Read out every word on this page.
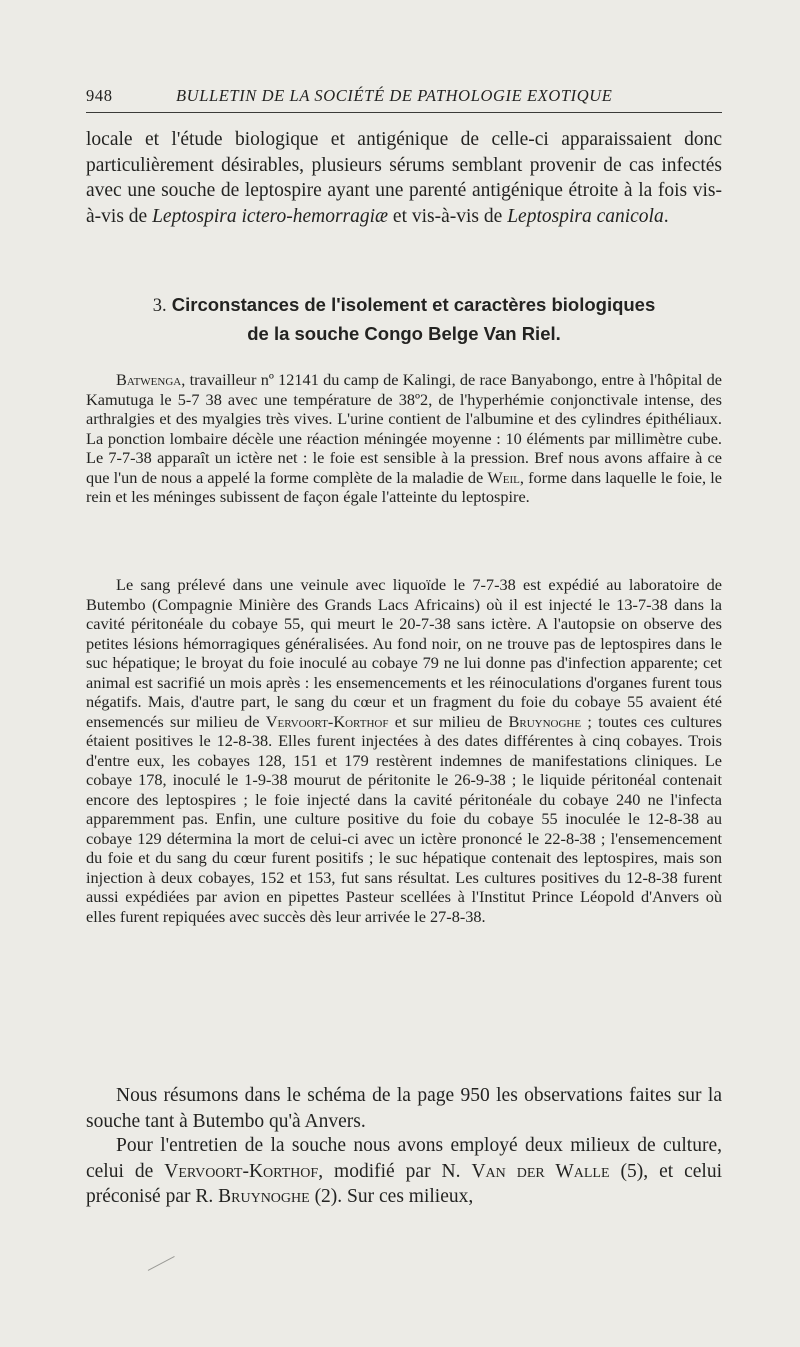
948	BULLETIN DE LA SOCIÉTÉ DE PATHOLOGIE EXOTIQUE

locale et l'étude biologique et antigénique de celle-ci apparaissaient donc particulièrement désirables, plusieurs sérums semblant provenir de cas infectés avec une souche de leptospire ayant une parenté antigénique étroite à la fois vis-à-vis de Leptospira ictero-hemorragiæ et vis-à-vis de Leptospira canicola.

3. Circonstances de l'isolement et caractères biologiques
de la souche Congo Belge Van Riel.

Batwenga, travailleur nº 12141 du camp de Kalingi, de race Banyabongo, entre à l'hôpital de Kamutuga le 5-7 38 avec une température de 38º2, de l'hyperhémie conjonctivale intense, des arthralgies et des myalgies très vives. L'urine contient de l'albumine et des cylindres épithéliaux. La ponction lombaire décèle une réaction méningée moyenne : 10 éléments par millimètre cube. Le 7-7-38 apparaît un ictère net : le foie est sensible à la pression. Bref nous avons affaire à ce que l'un de nous a appelé la forme complète de la maladie de Weil, forme dans laquelle le foie, le rein et les méninges subissent de façon égale l'atteinte du leptospire.

Le sang prélevé dans une veinule avec liquoïde le 7-7-38 est expédié au laboratoire de Butembo (Compagnie Minière des Grands Lacs Africains) où il est injecté le 13-7-38 dans la cavité péritonéale du cobaye 55, qui meurt le 20-7-38 sans ictère. A l'autopsie on observe des petites lésions hémorragiques généralisées. Au fond noir, on ne trouve pas de leptospires dans le suc hépatique; le broyat du foie inoculé au cobaye 79 ne lui donne pas d'infection apparente; cet animal est sacrifié un mois après : les ensemencements et les réinoculations d'organes furent tous négatifs. Mais, d'autre part, le sang du cœur et un fragment du foie du cobaye 55 avaient été ensemencés sur milieu de Vervoort-Korthof et sur milieu de Bruynoghe ; toutes ces cultures étaient positives le 12-8-38. Elles furent injectées à des dates différentes à cinq cobayes. Trois d'entre eux, les cobayes 128, 151 et 179 restèrent indemnes de manifestations cliniques. Le cobaye 178, inoculé le 1-9-38 mourut de péritonite le 26-9-38 ; le liquide péritonéal contenait encore des leptospires ; le foie injecté dans la cavité péritonéale du cobaye 240 ne l'infecta apparemment pas. Enfin, une culture positive du foie du cobaye 55 inoculée le 12-8-38 au cobaye 129 détermina la mort de celui-ci avec un ictère prononcé le 22-8-38 ; l'ensemencement du foie et du sang du cœur furent positifs ; le suc hépatique contenait des leptospires, mais son injection à deux cobayes, 152 et 153, fut sans résultat. Les cultures positives du 12-8-38 furent aussi expédiées par avion en pipettes Pasteur scellées à l'Institut Prince Léopold d'Anvers où elles furent repiquées avec succès dès leur arrivée le 27-8-38.

Nous résumons dans le schéma de la page 950 les observations faites sur la souche tant à Butembo qu'à Anvers.

Pour l'entretien de la souche nous avons employé deux milieux de culture, celui de Vervoort-Korthof, modifié par N. Van der Walle (5), et celui préconisé par R. Bruynoghe (2). Sur ces milieux,
